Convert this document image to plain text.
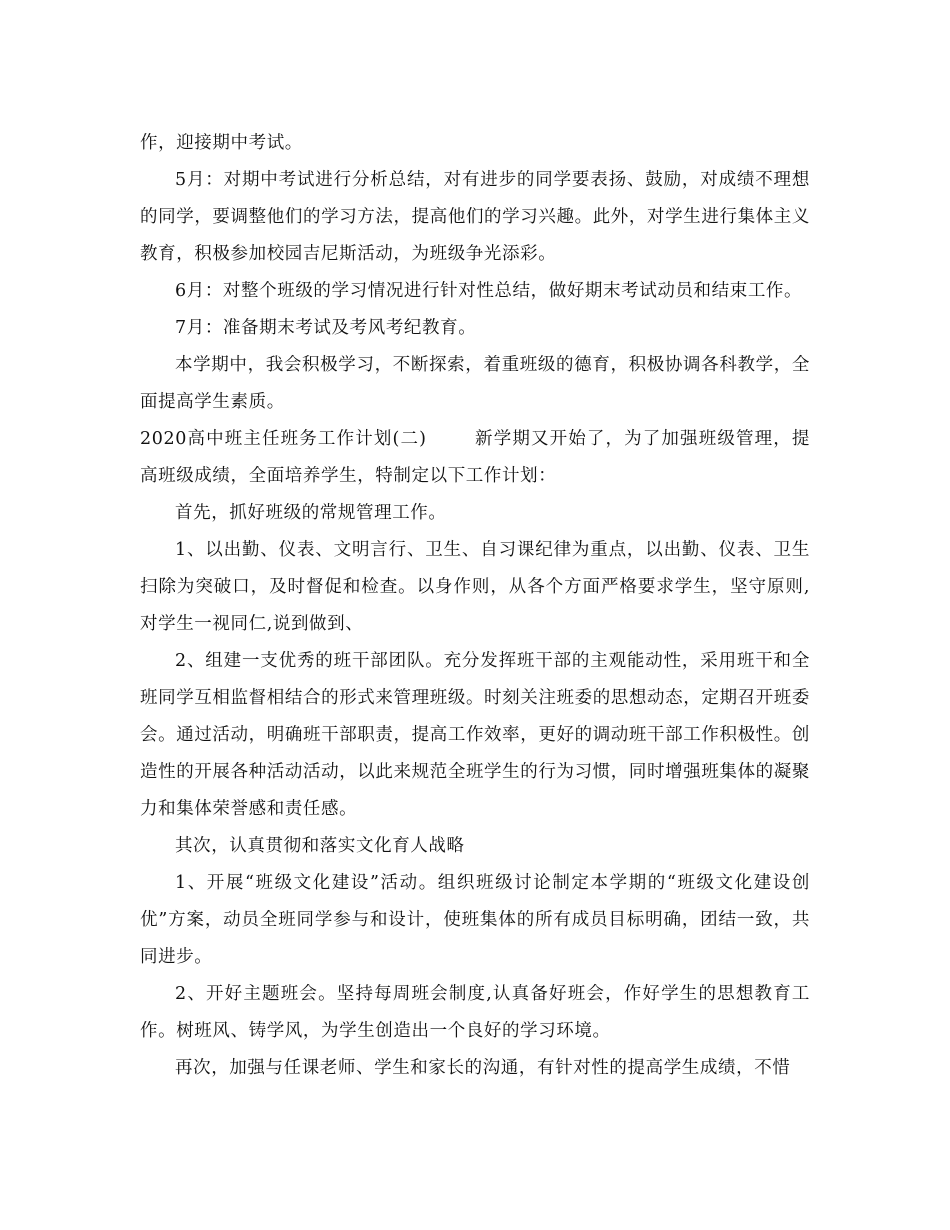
作，迎接期中考试。

5月：对期中考试进行分析总结，对有进步的同学要表扬、鼓励，对成绩不理想的同学，要调整他们的学习方法，提高他们的学习兴趣。此外，对学生进行集体主义教育，积极参加校园吉尼斯活动，为班级争光添彩。

6月：对整个班级的学习情况进行针对性总结，做好期末考试动员和结束工作。

7月：准备期末考试及考风考纪教育。

本学期中，我会积极学习，不断探索，着重班级的德育，积极协调各科教学，全面提高学生素质。

2020高中班主任班务工作计划(二)	新学期又开始了，为了加强班级管理，提高班级成绩，全面培养学生，特制定以下工作计划：

首先，抓好班级的常规管理工作。

1、以出勤、仪表、文明言行、卫生、自习课纪律为重点，以出勤、仪表、卫生扫除为突破口，及时督促和检查。以身作则，从各个方面严格要求学生，坚守原则,对学生一视同仁,说到做到、

2、组建一支优秀的班干部团队。充分发挥班干部的主观能动性，采用班干和全班同学互相监督相结合的形式来管理班级。时刻关注班委的思想动态，定期召开班委会。通过活动，明确班干部职责，提高工作效率，更好的调动班干部工作积极性。创造性的开展各种活动活动，以此来规范全班学生的行为习惯，同时增强班集体的凝聚力和集体荣誉感和责任感。

其次，认真贯彻和落实文化育人战略

1、开展“班级文化建设”活动。组织班级讨论制定本学期的“班级文化建设创优”方案，动员全班同学参与和设计，使班集体的所有成员目标明确，团结一致，共同进步。

2、开好主题班会。坚持每周班会制度,认真备好班会，作好学生的思想教育工作。树班风、铸学风，为学生创造出一个良好的学习环境。

再次，加强与任课老师、学生和家长的沟通，有针对性的提高学生成绩，不惜
